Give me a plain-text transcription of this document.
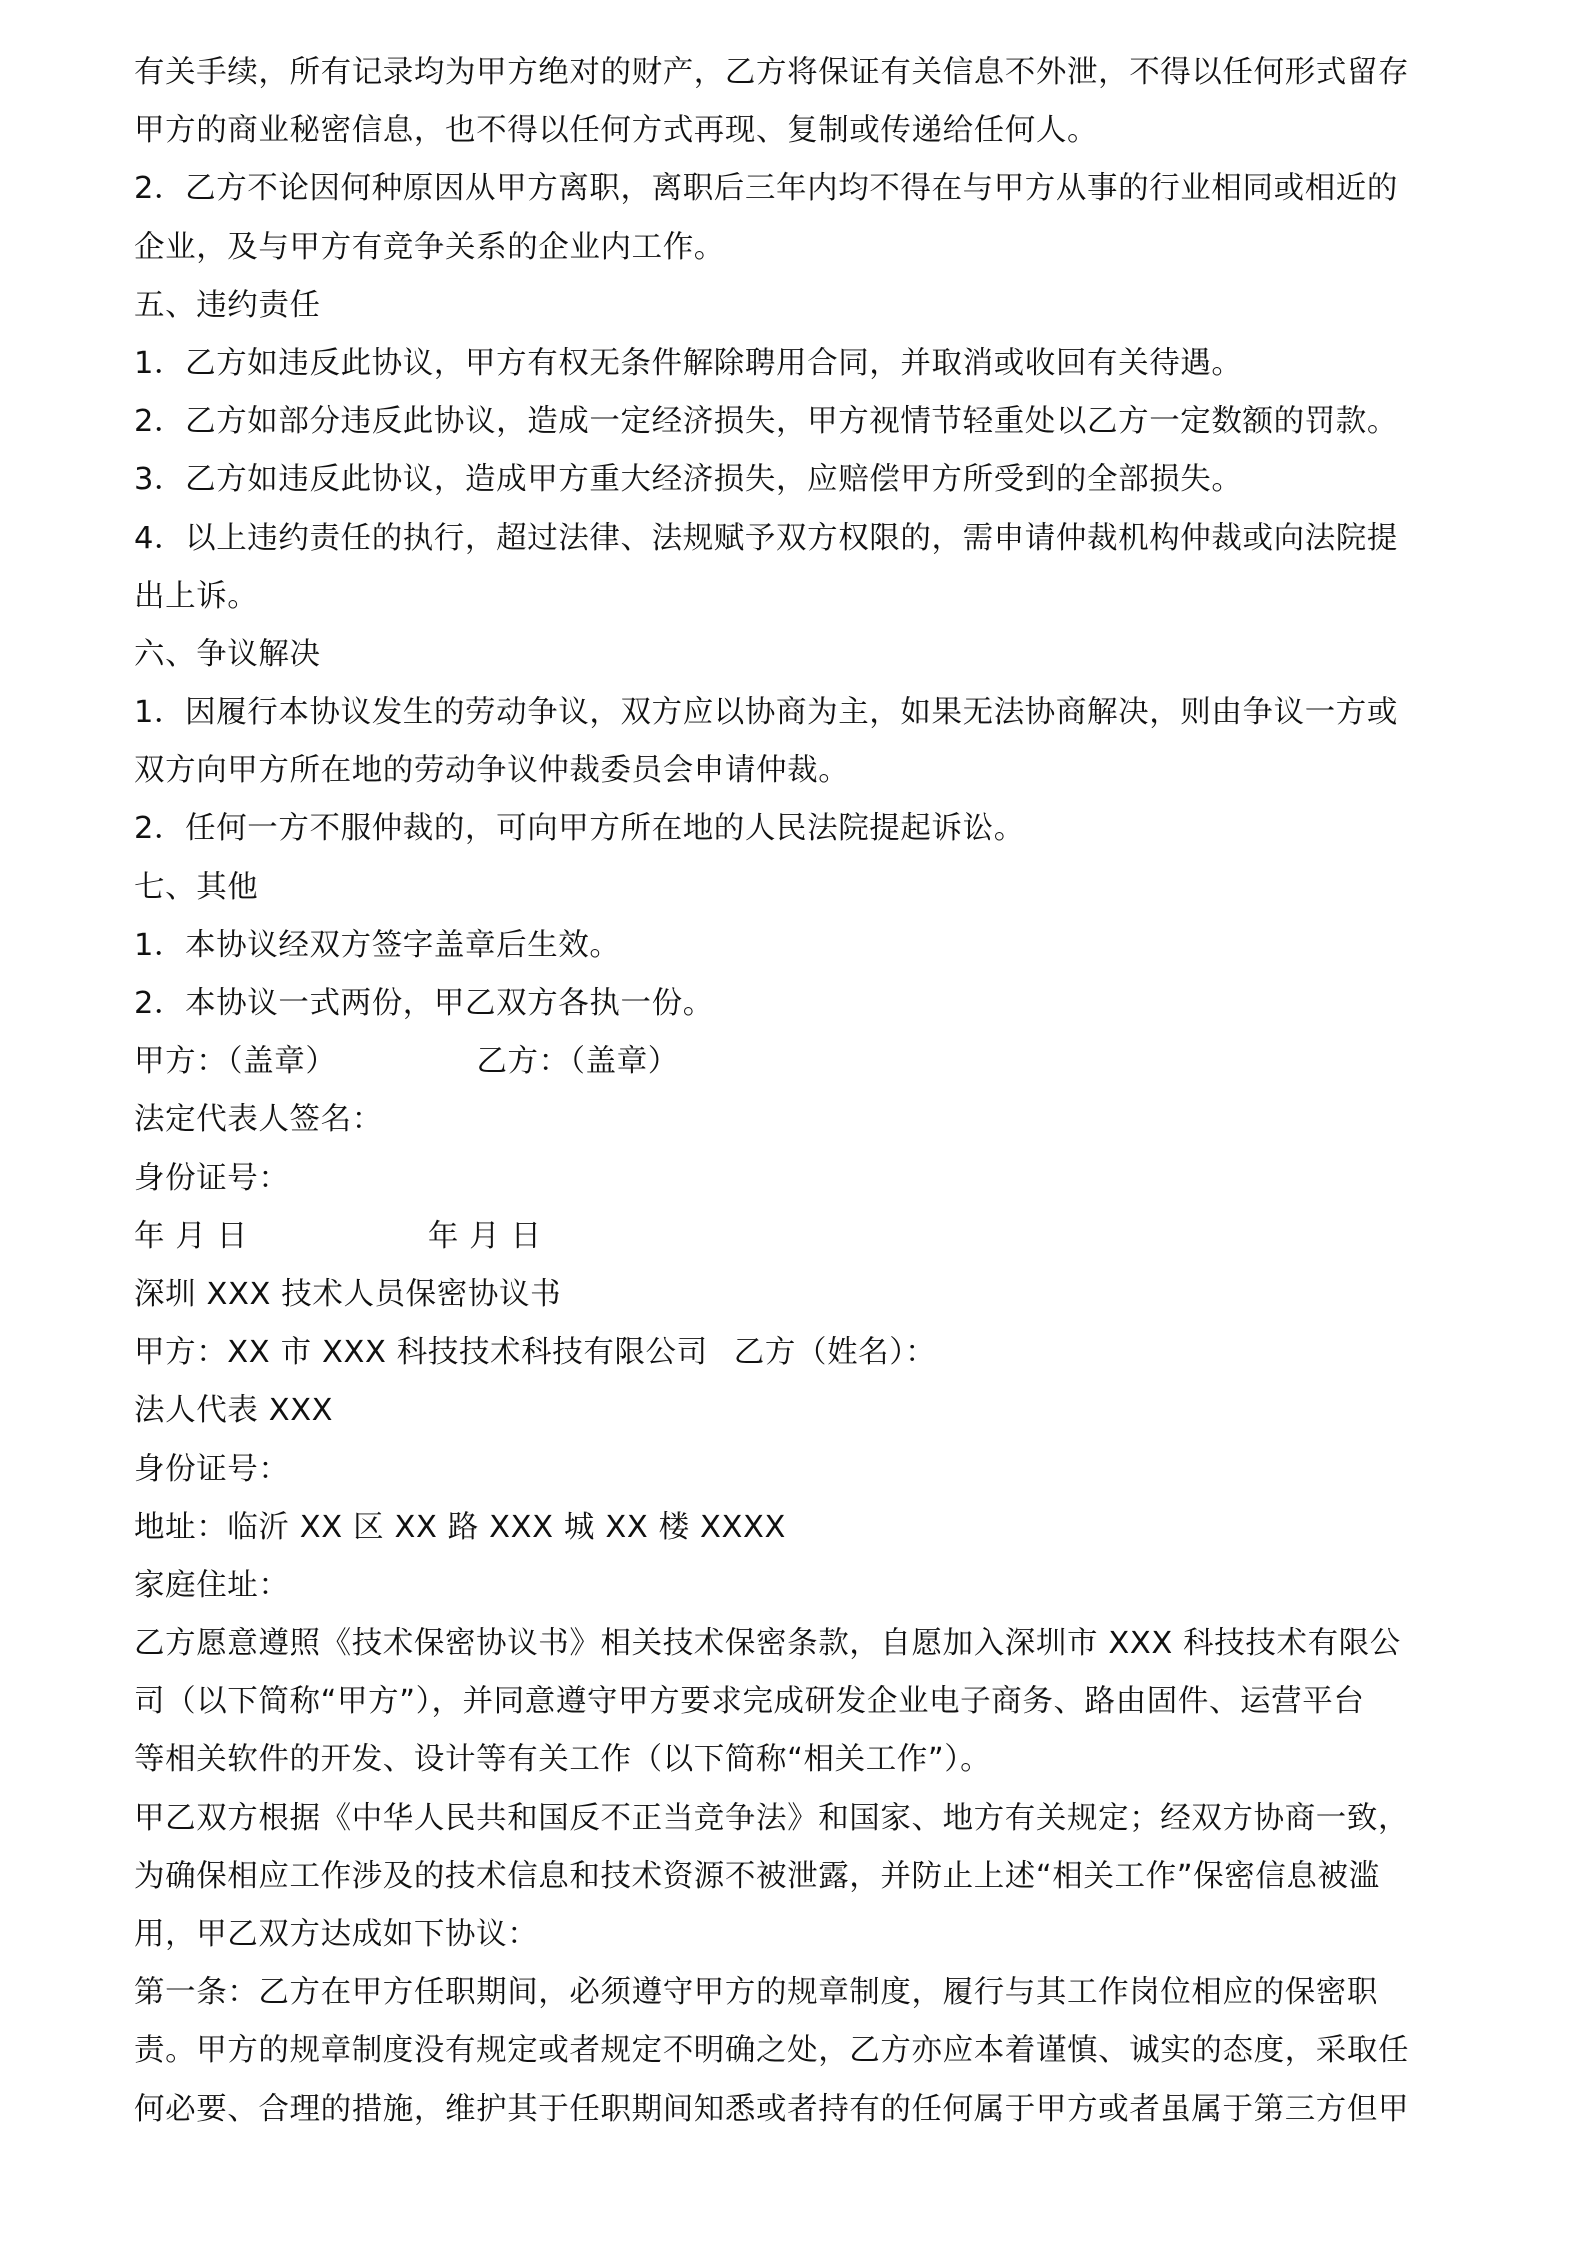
有关手续，所有记录均为甲方绝对的财产，乙方将保证有关信息不外泄，不得以任何形式留存
甲方的商业秘密信息，也不得以任何方式再现、复制或传递给任何人。
2．乙方不论因何种原因从甲方离职，离职后三年内均不得在与甲方从事的行业相同或相近的
企业，及与甲方有竞争关系的企业内工作。
五、违约责任
1．乙方如违反此协议，甲方有权无条件解除聘用合同，并取消或收回有关待遇。
2．乙方如部分违反此协议，造成一定经济损失，甲方视情节轻重处以乙方一定数额的罚款。
3．乙方如违反此协议，造成甲方重大经济损失，应赔偿甲方所受到的全部损失。
4．以上违约责任的执行，超过法律、法规赋予双方权限的，需申请仲裁机构仲裁或向法院提
出上诉。
六、争议解决
1．因履行本协议发生的劳动争议，双方应以协商为主，如果无法协商解决，则由争议一方或
双方向甲方所在地的劳动争议仲裁委员会申请仲裁。
2．任何一方不服仲裁的，可向甲方所在地的人民法院提起诉讼。
七、其他
1．本协议经双方签字盖章后生效。
2．本协议一式两份，甲乙双方各执一份。
甲方：（盖章）	乙方：（盖章）
法定代表人签名：
身份证号：
年 月 日	年 月 日
深圳 XXX 技术人员保密协议书
甲方：XX 市 XXX 科技技术科技有限公司 乙方（姓名）：
法人代表 XXX
身份证号：
地址：临沂 XX 区 XX 路 XXX 城 XX 楼 XXXX
家庭住址：
乙方愿意遵照《技术保密协议书》相关技术保密条款，自愿加入深圳市 XXX 科技技术有限公
司（以下简称“甲方”），并同意遵守甲方要求完成研发企业电子商务、路由固件、运营平台
等相关软件的开发、设计等有关工作（以下简称“相关工作”）。
甲乙双方根据《中华人民共和国反不正当竞争法》和国家、地方有关规定；经双方协商一致，
为确保相应工作涉及的技术信息和技术资源不被泄露，并防止上述“相关工作”保密信息被滥
用，甲乙双方达成如下协议：
第一条：乙方在甲方任职期间，必须遵守甲方的规章制度，履行与其工作岗位相应的保密职
责。甲方的规章制度没有规定或者规定不明确之处，乙方亦应本着谨慎、诚实的态度，采取任
何必要、合理的措施，维护其于任职期间知悉或者持有的任何属于甲方或者虽属于第三方但甲
